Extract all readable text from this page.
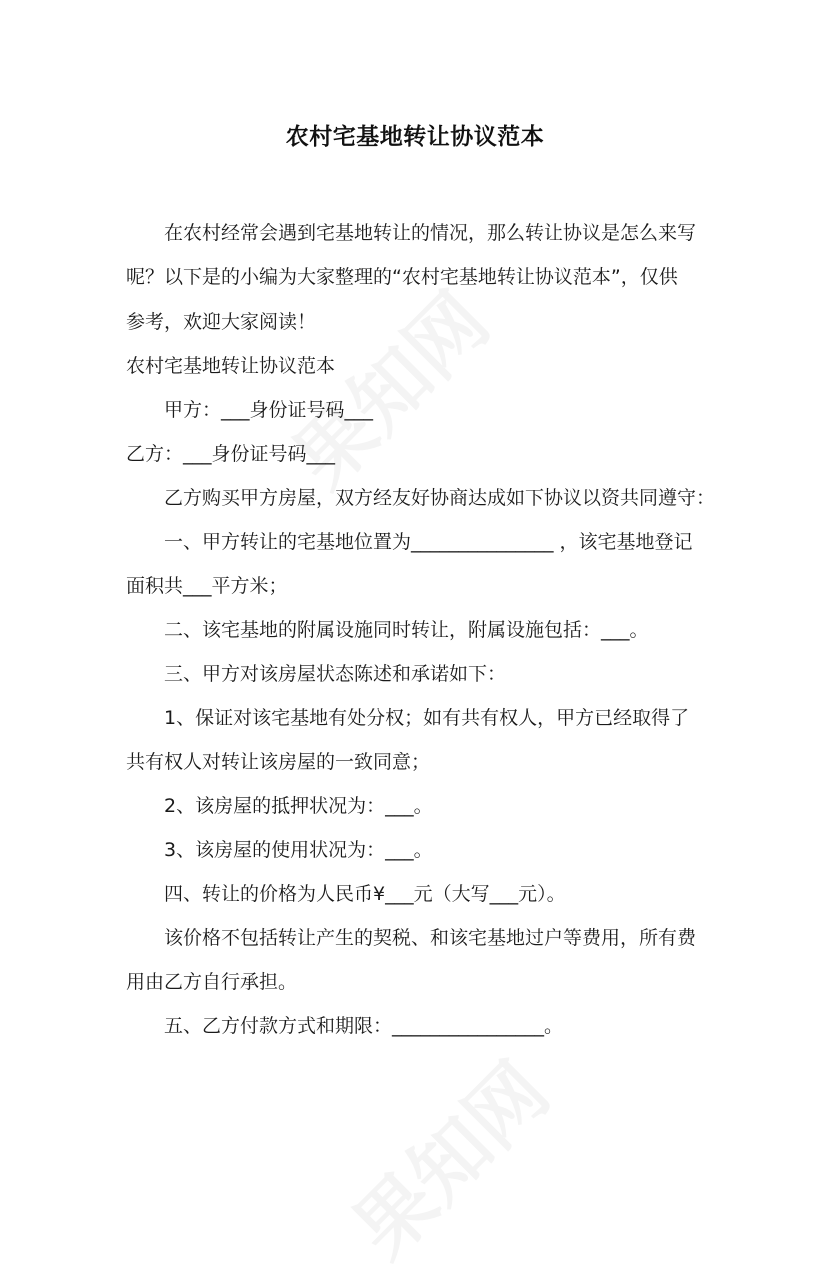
农村宅基地转让协议范本
在农村经常会遇到宅基地转让的情况，那么转让协议是怎么来写
呢？以下是的小编为大家整理的“农村宅基地转让协议范本”，仅供
参考，欢迎大家阅读！
农村宅基地转让协议范本
甲方：___身份证号码___
乙方：___身份证号码___
乙方购买甲方房屋，双方经友好协商达成如下协议以资共同遵守：
一、甲方转让的宅基地位置为_______________ ，该宅基地登记
面积共___平方米；
二、该宅基地的附属设施同时转让，附属设施包括：___。
三、甲方对该房屋状态陈述和承诺如下：
1、保证对该宅基地有处分权；如有共有权人，甲方已经取得了
共有权人对转让该房屋的一致同意；
2、该房屋的抵押状况为：___。
3、该房屋的使用状况为：___。
四、转让的价格为人民币¥___元（大写___元）。
该价格不包括转让产生的契税、和该宅基地过户等费用，所有费
用由乙方自行承担。
五、乙方付款方式和期限：________________。
